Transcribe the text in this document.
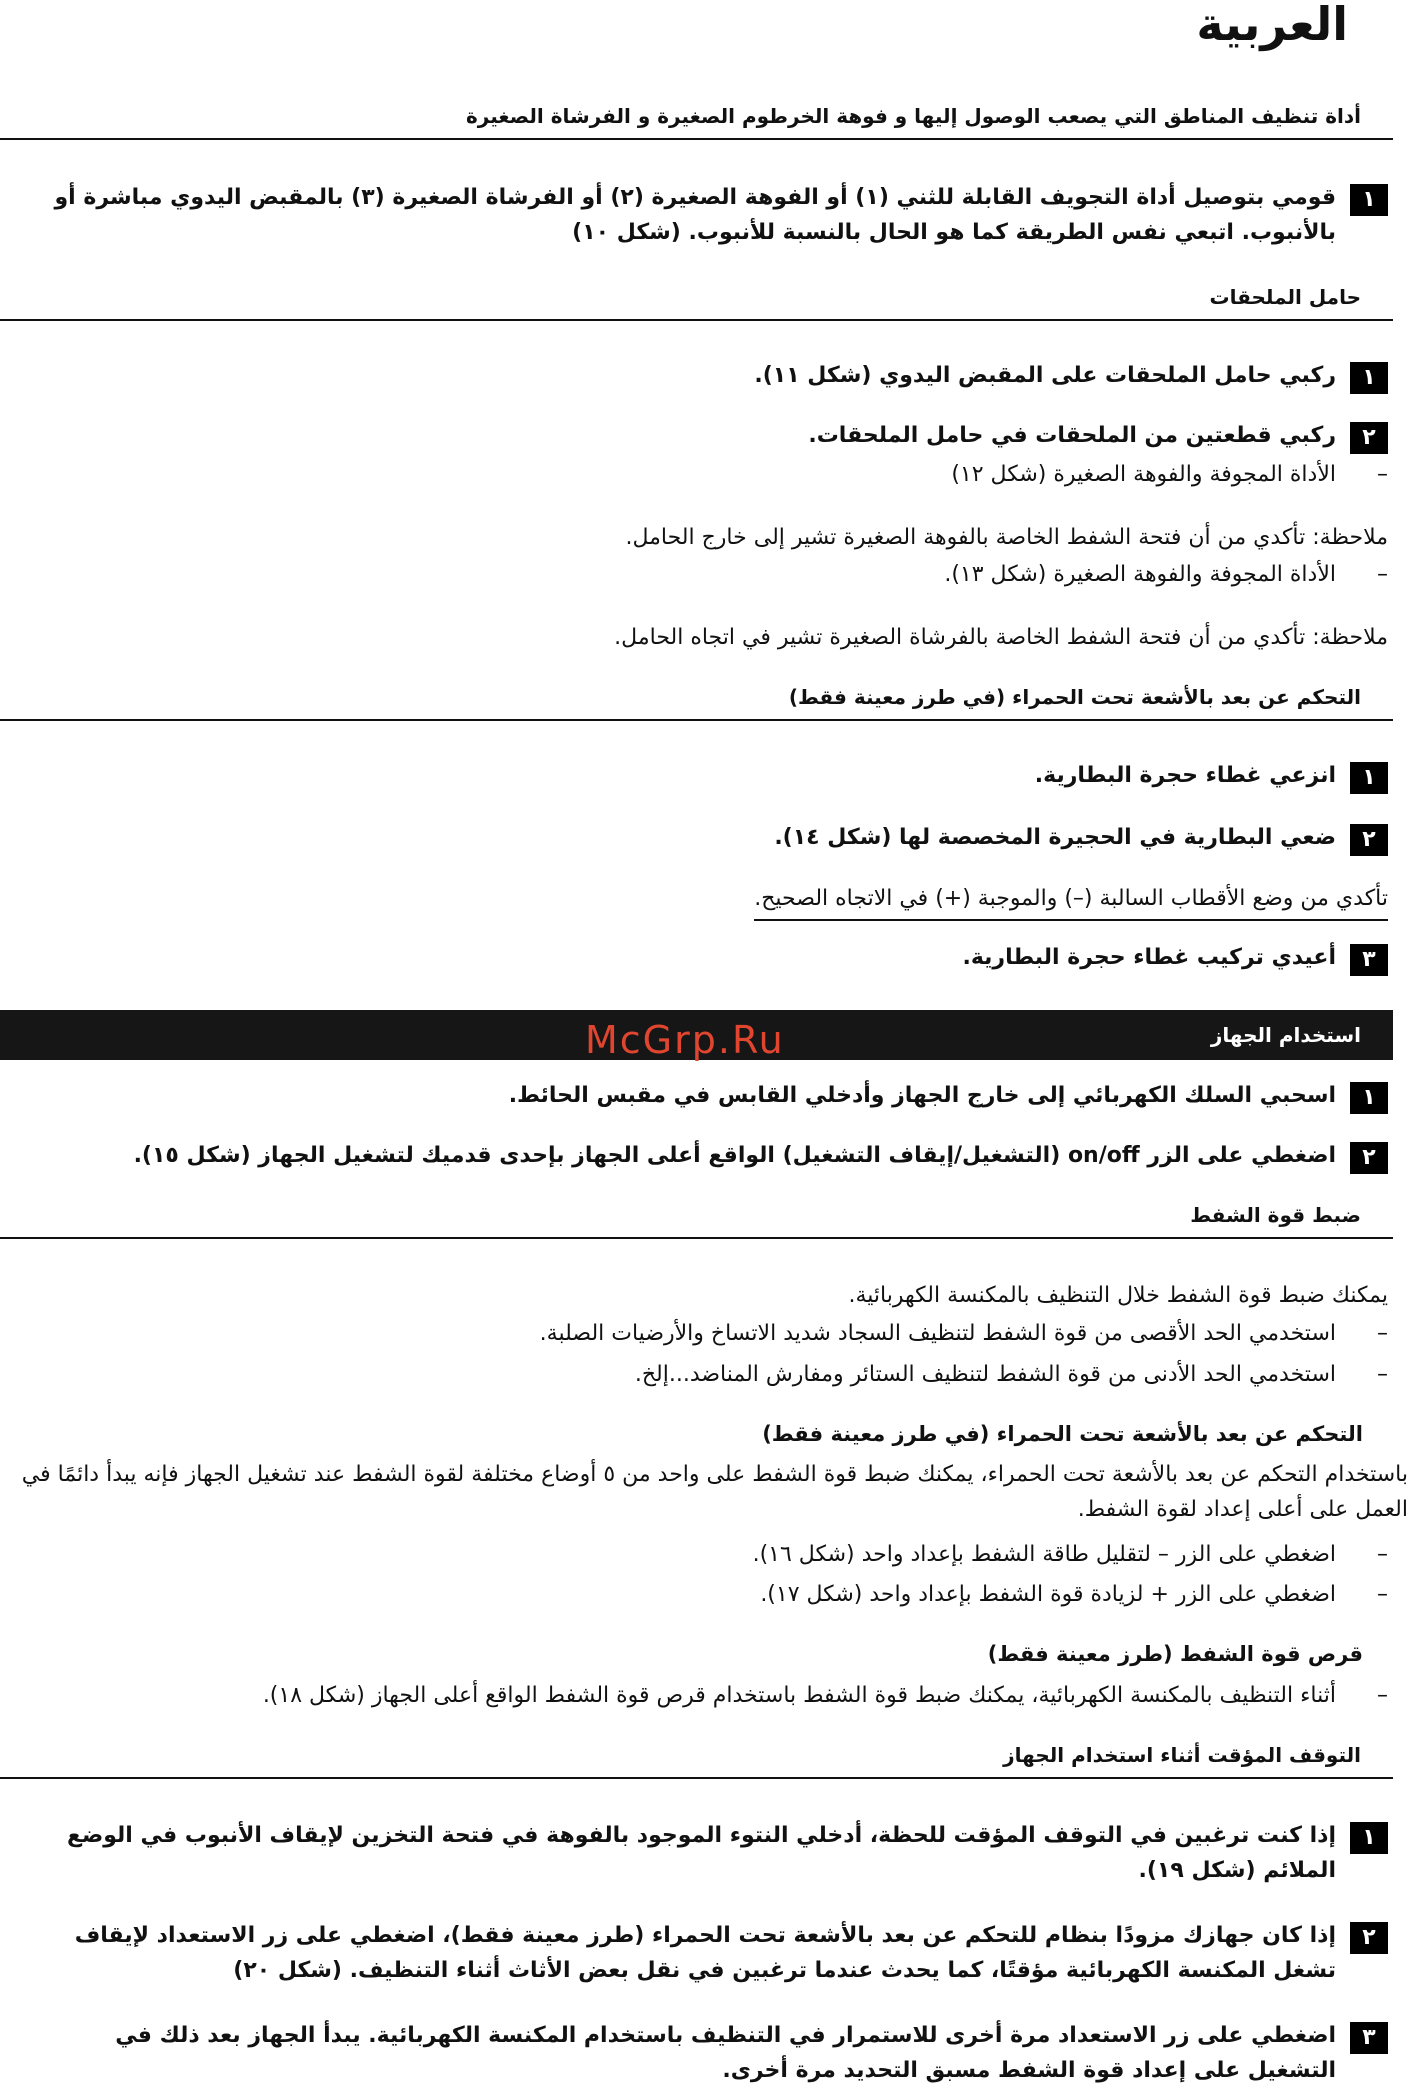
العربية
أداة تنظيف المناطق التي يصعب الوصول إليها و فوهة الخرطوم الصغيرة و الفرشاة الصغيرة
١
قومي بتوصيل أداة التجويف القابلة للثني (١) أو الفوهة الصغيرة (٢) أو الفرشاة الصغيرة (٣) بالمقبض اليدوي مباشرة أو بالأنبوب. اتبعي نفس الطريقة كما هو الحال بالنسبة للأنبوب. (شكل ١٠)
حامل الملحقات
١
ركبي حامل الملحقات على المقبض اليدوي (شكل ١١).
٢
ركبي قطعتين من الملحقات في حامل الملحقات.
–
الأداة المجوفة والفوهة الصغيرة (شكل ١٢)
ملاحظة: تأكدي من أن فتحة الشفط الخاصة بالفوهة الصغيرة تشير إلى خارج الحامل.
–
الأداة المجوفة والفوهة الصغيرة (شكل ١٣).
ملاحظة: تأكدي من أن فتحة الشفط الخاصة بالفرشاة الصغيرة تشير في اتجاه الحامل.
التحكم عن بعد بالأشعة تحت الحمراء (في طرز معينة فقط)
١
انزعي غطاء حجرة البطارية.
٢
ضعي البطارية في الحجيرة المخصصة لها (شكل ١٤).
تأكدي من وضع الأقطاب السالبة (–) والموجبة (+) في الاتجاه الصحيح.
٣
أعيدي تركيب غطاء حجرة البطارية.
استخدام الجهاز
McGrp.Ru
١
اسحبي السلك الكهربائي إلى خارج الجهاز وأدخلي القابس في مقبس الحائط.
٢
اضغطي على الزر on/off (التشغيل/إيقاف التشغيل) الواقع أعلى الجهاز بإحدى قدميك لتشغيل الجهاز (شكل ١٥).
ضبط قوة الشفط
يمكنك ضبط قوة الشفط خلال التنظيف بالمكنسة الكهربائية.
–
استخدمي الحد الأقصى من قوة الشفط لتنظيف السجاد شديد الاتساخ والأرضيات الصلبة.
–
استخدمي الحد الأدنى من قوة الشفط لتنظيف الستائر ومفارش المناضد...إلخ.
التحكم عن بعد بالأشعة تحت الحمراء (في طرز معينة فقط)
باستخدام التحكم عن بعد بالأشعة تحت الحمراء، يمكنك ضبط قوة الشفط على واحد من ٥ أوضاع مختلفة لقوة الشفط عند تشغيل الجهاز فإنه يبدأ دائمًا في العمل على أعلى إعداد لقوة الشفط.
–
اضغطي على الزر – لتقليل طاقة الشفط بإعداد واحد (شكل ١٦).
–
اضغطي على الزر + لزيادة قوة الشفط بإعداد واحد (شكل ١٧).
قرص قوة الشفط (طرز معينة فقط)
–
أثناء التنظيف بالمكنسة الكهربائية، يمكنك ضبط قوة الشفط باستخدام قرص قوة الشفط الواقع أعلى الجهاز (شكل ١٨).
التوقف المؤقت أثناء استخدام الجهاز
١
إذا كنت ترغبين في التوقف المؤقت للحظة، أدخلي النتوء الموجود بالفوهة في فتحة التخزين لإيقاف الأنبوب في الوضع الملائم (شكل ١٩).
٢
إذا كان جهازك مزودًا بنظام للتحكم عن بعد بالأشعة تحت الحمراء (طرز معينة فقط)، اضغطي على زر الاستعداد لإيقاف تشغل المكنسة الكهربائية مؤقتًا، كما يحدث عندما ترغبين في نقل بعض الأثاث أثناء التنظيف. (شكل ٢٠)
٣
اضغطي على زر الاستعداد مرة أخرى للاستمرار في التنظيف باستخدام المكنسة الكهربائية. يبدأ الجهاز بعد ذلك في التشغيل على إعداد قوة الشفط مسبق التحديد مرة أخرى.
